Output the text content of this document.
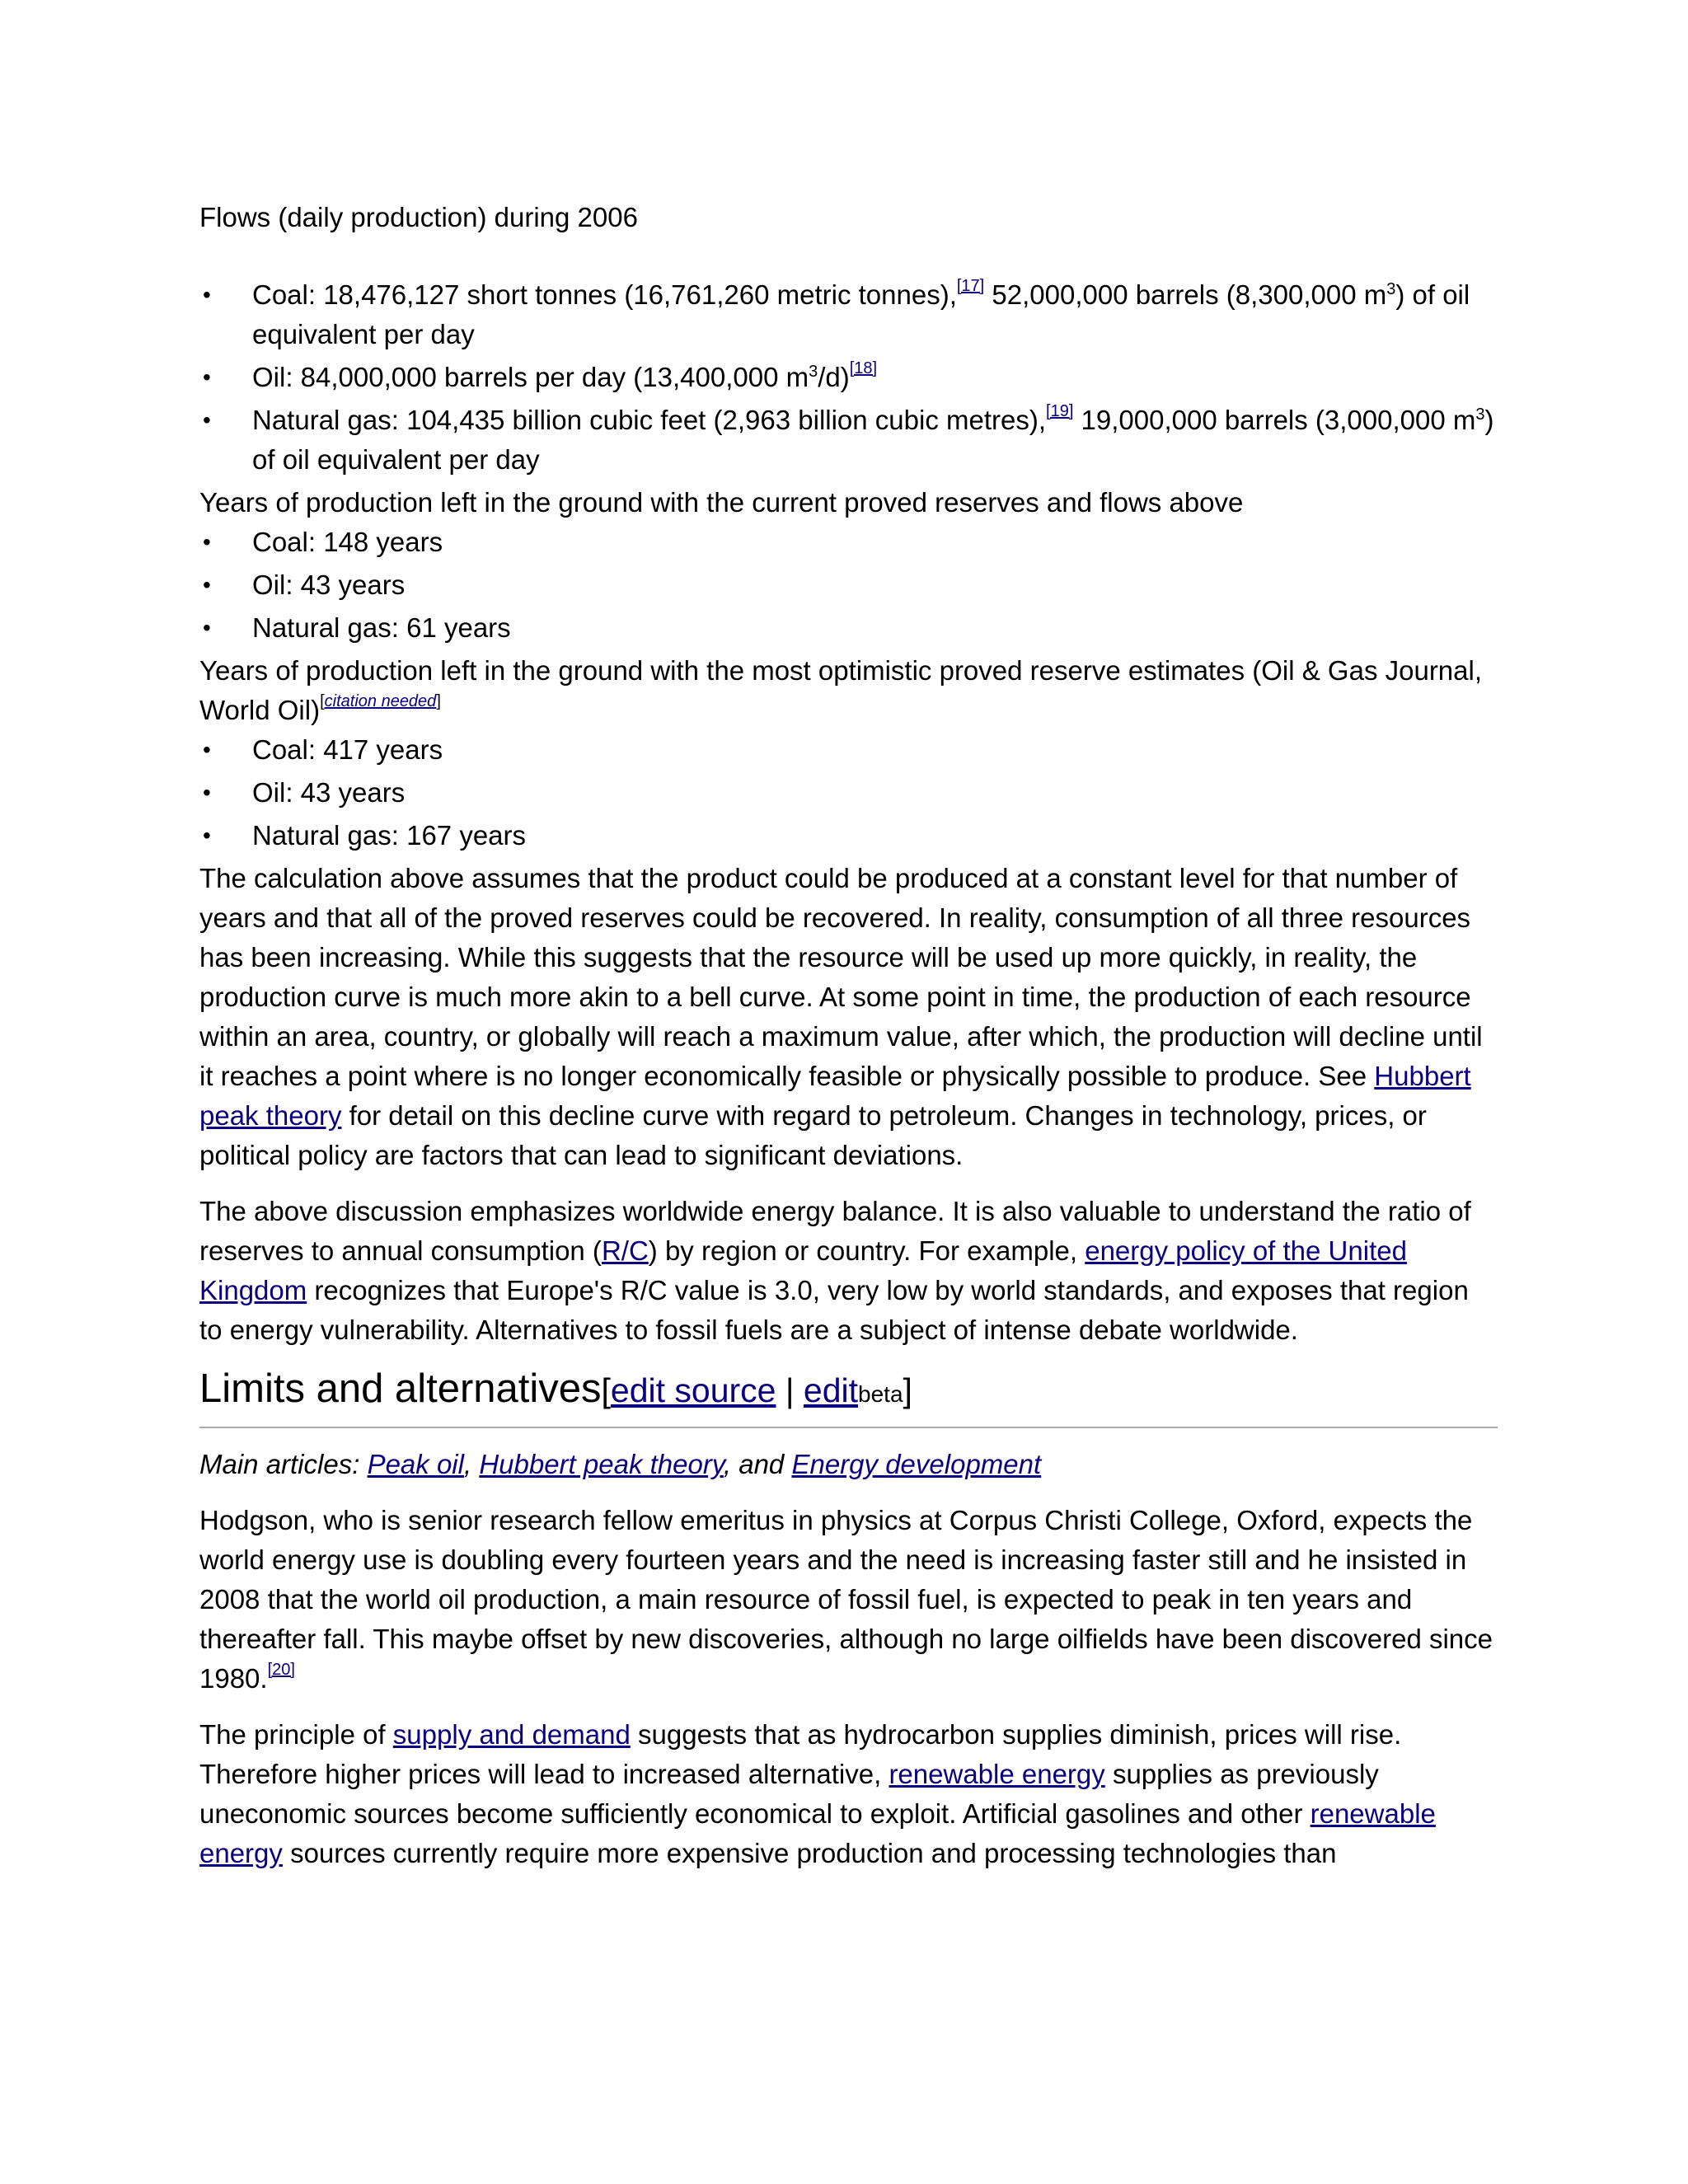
Flows (daily production) during 2006

• Coal: 18,476,127 short tonnes (16,761,260 metric tonnes),[17] 52,000,000 barrels (8,300,000 $m^3$) of oil equivalent per day
• Oil: 84,000,000 barrels per day (13,400,000 $m^3/d)[18]$
• Natural gas: 104,435 billion cubic feet (2,963 billion cubic metres),[19] 19,000,000 barrels (3,000,000 $m^3$) of oil equivalent per day

Years of production left in the ground with the current proved reserves and flows above

• Coal: 148 years
• Oil: 43 years
• Natural gas: 61 years

Years of production left in the ground with the most optimistic proved reserve estimates (Oil & Gas Journal, World Oil)[citation needed]

• Coal: 417 years
• Oil: 43 years
• Natural gas: 167 years

The calculation above assumes that the product could be produced at a constant level for that number of years and that all of the proved reserves could be recovered. In reality, consumption of all three resources has been increasing. While this suggests that the resource will be used up more quickly, in reality, the production curve is much more akin to a bell curve. At some point in time, the production of each resource within an area, country, or globally will reach a maximum value, after which, the production will decline until it reaches a point where is no longer economically feasible or physically possible to produce. See Hubbert peak theory for detail on this decline curve with regard to petroleum. Changes in technology, prices, or political policy are factors that can lead to significant deviations.

The above discussion emphasizes worldwide energy balance. It is also valuable to understand the ratio of reserves to annual consumption (R/C) by region or country. For example, energy policy of the United Kingdom recognizes that Europe's R/C value is 3.0, very low by world standards, and exposes that region to energy vulnerability. Alternatives to fossil fuels are a subject of intense debate worldwide.

Limits and alternatives[edit source | editbeta]

Main articles: Peak oil, Hubbert peak theory, and Energy development

Hodgson, who is senior research fellow emeritus in physics at Corpus Christi College, Oxford, expects the world energy use is doubling every fourteen years and the need is increasing faster still and he insisted in 2008 that the world oil production, a main resource of fossil fuel, is expected to peak in ten years and thereafter fall. This maybe offset by new discoveries, although no large oilfields have been discovered since 1980.[20]

The principle of supply and demand suggests that as hydrocarbon supplies diminish, prices will rise. Therefore higher prices will lead to increased alternative, renewable energy supplies as previously uneconomic sources become sufficiently economical to exploit. Artificial gasolines and other renewable energy sources currently require more expensive production and processing technologies than
